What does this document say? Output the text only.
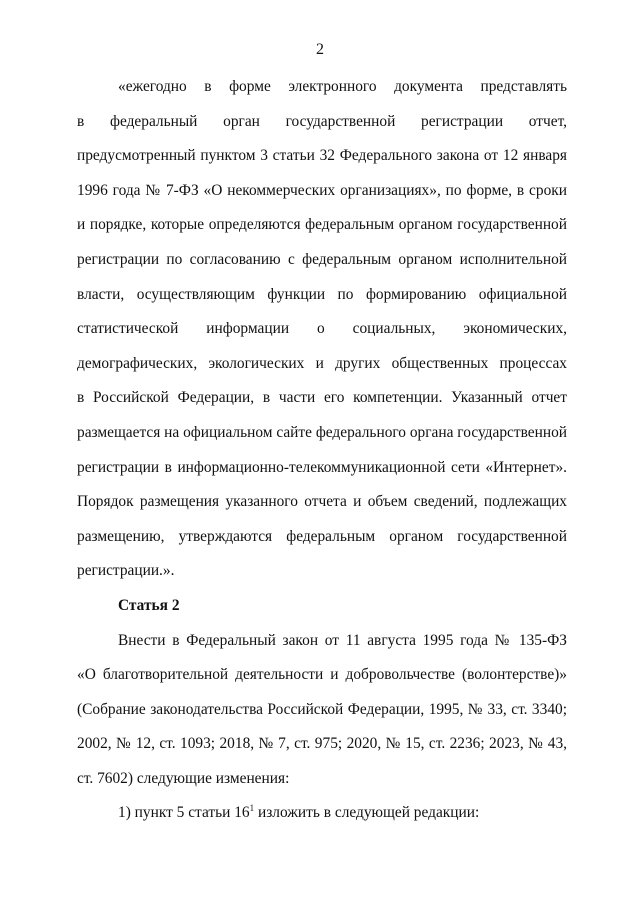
2
«ежегодно в форме электронного документа представлять
в федеральный орган государственной регистрации отчет,
предусмотренный пунктом 3 статьи 32 Федерального закона от 12 января
1996 года № 7-ФЗ «О некоммерческих организациях», по форме, в сроки
и порядке, которые определяются федеральным органом государственной
регистрации по согласованию с федеральным органом исполнительной
власти, осуществляющим функции по формированию официальной
статистической информации о социальных, экономических,
демографических, экологических и других общественных процессах
в Российской Федерации, в части его компетенции. Указанный отчет
размещается на официальном сайте федерального органа государственной
регистрации в информационно-телекоммуникационной сети «Интернет».
Порядок размещения указанного отчета и объем сведений, подлежащих
размещению, утверждаются федеральным органом государственной
регистрации.».
Статья 2
Внести в Федеральный закон от 11 августа 1995 года № 135-ФЗ
«О благотворительной деятельности и добровольчестве (волонтерстве)»
(Собрание законодательства Российской Федерации, 1995, № 33, ст. 3340;
2002, № 12, ст. 1093; 2018, № 7, ст. 975; 2020, № 15, ст. 2236; 2023, № 43,
ст. 7602) следующие изменения:
1) пункт 5 статьи $16^1$ изложить в следующей редакции:
